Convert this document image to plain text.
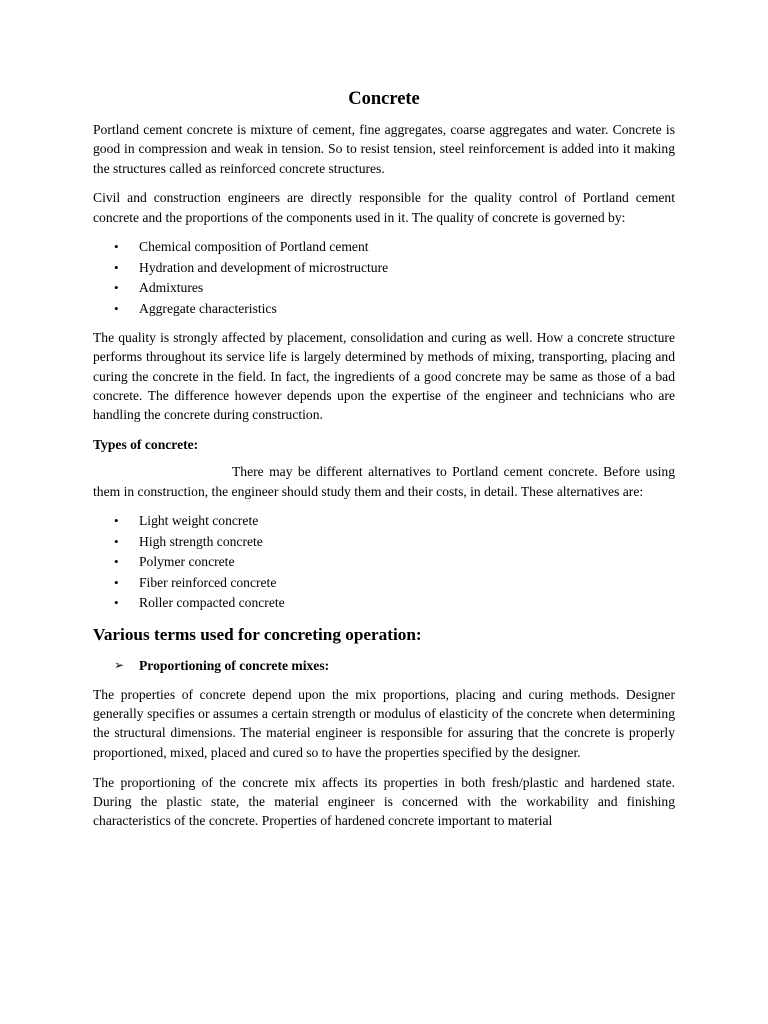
Concrete

Portland cement concrete is mixture of cement, fine aggregates, coarse aggregates and water. Concrete is good in compression and weak in tension. So to resist tension, steel reinforcement is added into it making the structures called as reinforced concrete structures.

Civil and construction engineers are directly responsible for the quality control of Portland cement concrete and the proportions of the components used in it. The quality of concrete is governed by:

• Chemical composition of Portland cement
• Hydration and development of microstructure
• Admixtures
• Aggregate characteristics

The quality is strongly affected by placement, consolidation and curing as well. How a concrete structure performs throughout its service life is largely determined by methods of mixing, transporting, placing and curing the concrete in the field. In fact, the ingredients of a good concrete may be same as those of a bad concrete. The difference however depends upon the expertise of the engineer and technicians who are handling the concrete during construction.

Types of concrete:

There may be different alternatives to Portland cement concrete. Before using them in construction, the engineer should study them and their costs, in detail. These alternatives are:

• Light weight concrete
• High strength concrete
• Polymer concrete
• Fiber reinforced concrete
• Roller compacted concrete
Various terms used for concreting operation:
➢ Proportioning of concrete mixes:

The properties of concrete depend upon the mix proportions, placing and curing methods. Designer generally specifies or assumes a certain strength or modulus of elasticity of the concrete when determining the structural dimensions. The material engineer is responsible for assuring that the concrete is properly proportioned, mixed, placed and cured so to have the properties specified by the designer.

The proportioning of the concrete mix affects its properties in both fresh/plastic and hardened state. During the plastic state, the material engineer is concerned with the workability and finishing characteristics of the concrete. Properties of hardened concrete important to material
